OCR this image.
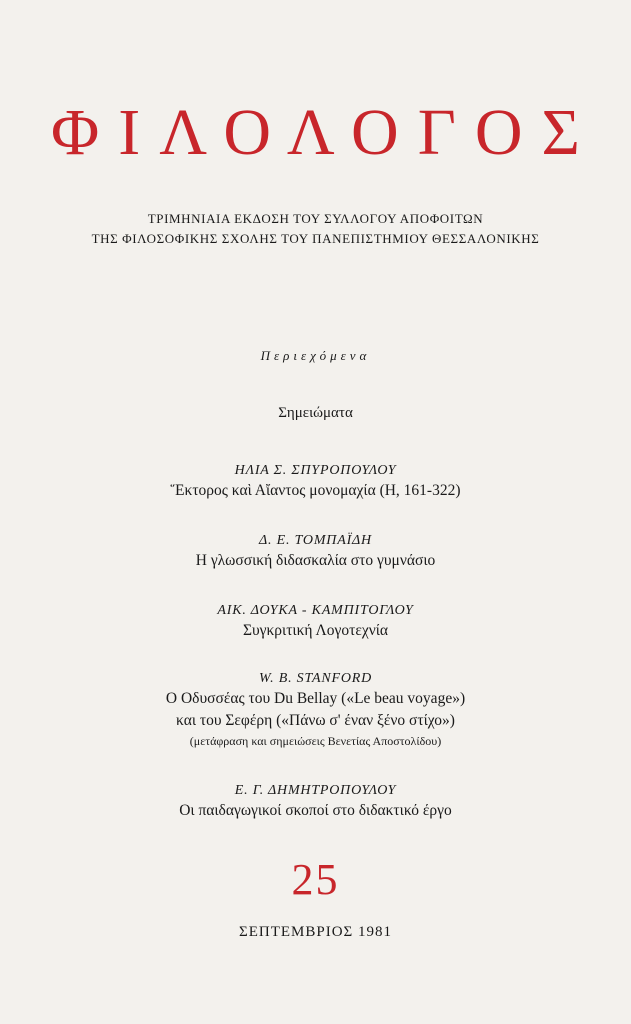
ΦΙΛΟΛΟΓΟΣ
ΤΡΙΜΗΝΙΑΙΑ ΕΚΔΟΣΗ ΤΟΥ ΣΥΛΛΟΓΟΥ ΑΠΟΦΟΙΤΩΝ
ΤΗΣ ΦΙΛΟΣΟΦΙΚΗΣ ΣΧΟΛΗΣ ΤΟΥ ΠΑΝΕΠΙΣΤΗΜΙΟΥ ΘΕΣΣΑΛΟΝΙΚΗΣ
Περιεχόμενα
Σημειώματα
ΗΛΙΑ Σ. ΣΠΥΡΟΠΟΥΛΟΥ
Ἕκτορος καὶ Αἴαντος μονομαχία (Η, 161-322)
Δ. Ε. ΤΟΜΠΑΪΔΗ
Η γλωσσική διδασκαλία στο γυμνάσιο
ΑΙΚ. ΔΟΥΚΑ - ΚΑΜΠΙΤΟΓΛΟΥ
Συγκριτική Λογοτεχνία
W. B. STANFORD
Ο Οδυσσέας του Du Bellay («Le beau voyage»)
και του Σεφέρη («Πάνω σ' έναν ξένο στίχο»)
(μετάφραση και σημειώσεις Βενετίας Αποστολίδου)
Ε. Γ. ΔΗΜΗΤΡΟΠΟΥΛΟΥ
Οι παιδαγωγικοί σκοποί στο διδακτικό έργο
25
ΣΕΠΤΕΜΒΡΙΟΣ 1981
